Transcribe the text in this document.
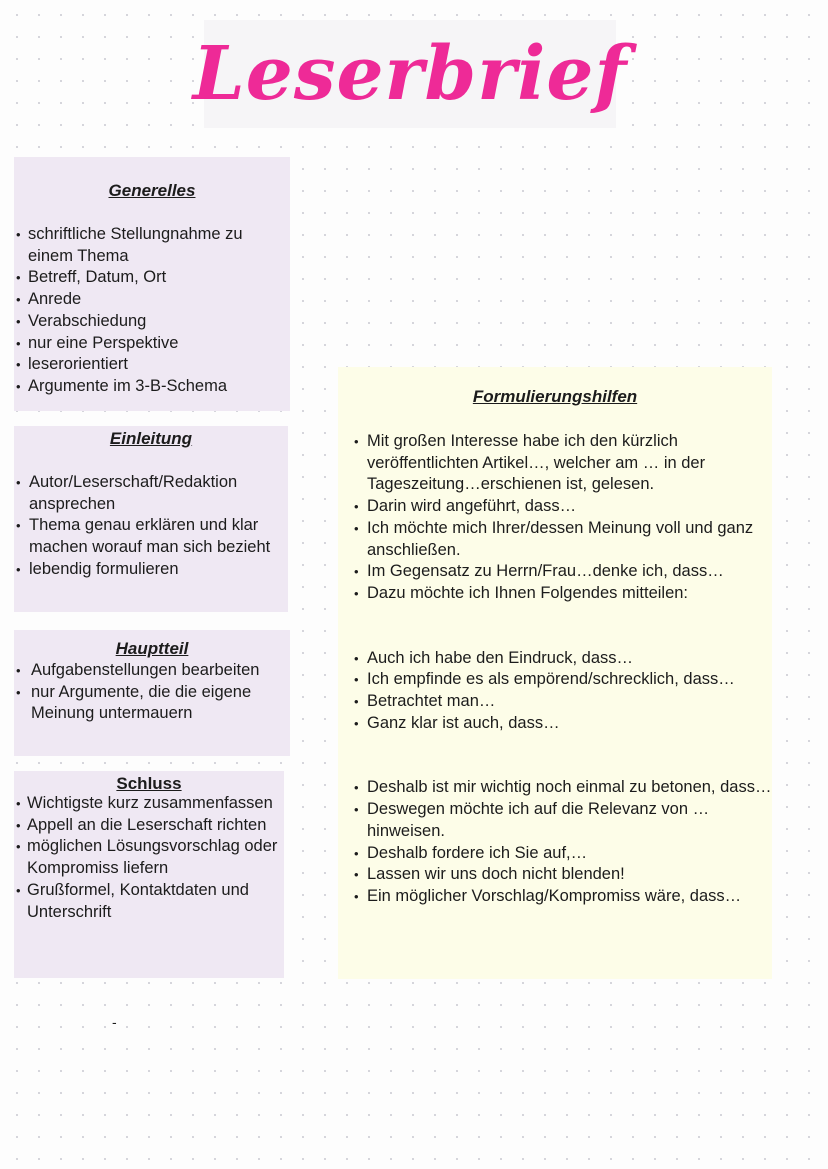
Leserbrief
Generelles
• schriftliche Stellungnahme zu einem Thema
• Betreff, Datum, Ort
• Anrede
• Verabschiedung
• nur eine Perspektive
• leserorientiert
• Argumente im 3-B-Schema
Einleitung
• Autor/Leserschaft/Redaktion ansprechen
• Thema genau erklären und klar machen worauf man sich bezieht
• lebendig formulieren
Hauptteil
• Aufgabenstellungen bearbeiten
• nur Argumente, die die eigene Meinung untermauern
Schluss
• Wichtigste kurz zusammenfassen
• Appell an die Leserschaft richten
• möglichen Lösungsvorschlag oder Kompromiss liefern
• Grußformel, Kontaktdaten und Unterschrift
Formulierungshilfen
• Mit großen Interesse habe ich den kürzlich veröffentlichten Artikel…, welcher am … in der Tageszeitung…erschienen ist, gelesen.
• Darin wird angeführt, dass…
• Ich möchte mich Ihrer/dessen Meinung voll und ganz anschließen.
• Im Gegensatz zu Herrn/Frau…denke ich, dass…
• Dazu möchte ich Ihnen Folgendes mitteilen:
• Auch ich habe den Eindruck, dass…
• Ich empfinde es als empörend/schrecklich, dass…
• Betrachtet man…
• Ganz klar ist auch, dass…
• Deshalb ist mir wichtig noch einmal zu betonen, dass…
• Deswegen möchte ich auf die Relevanz von … hinweisen.
• Deshalb fordere ich Sie auf,…
• Lassen wir uns doch nicht blenden!
• Ein möglicher Vorschlag/Kompromiss wäre, dass…
-
